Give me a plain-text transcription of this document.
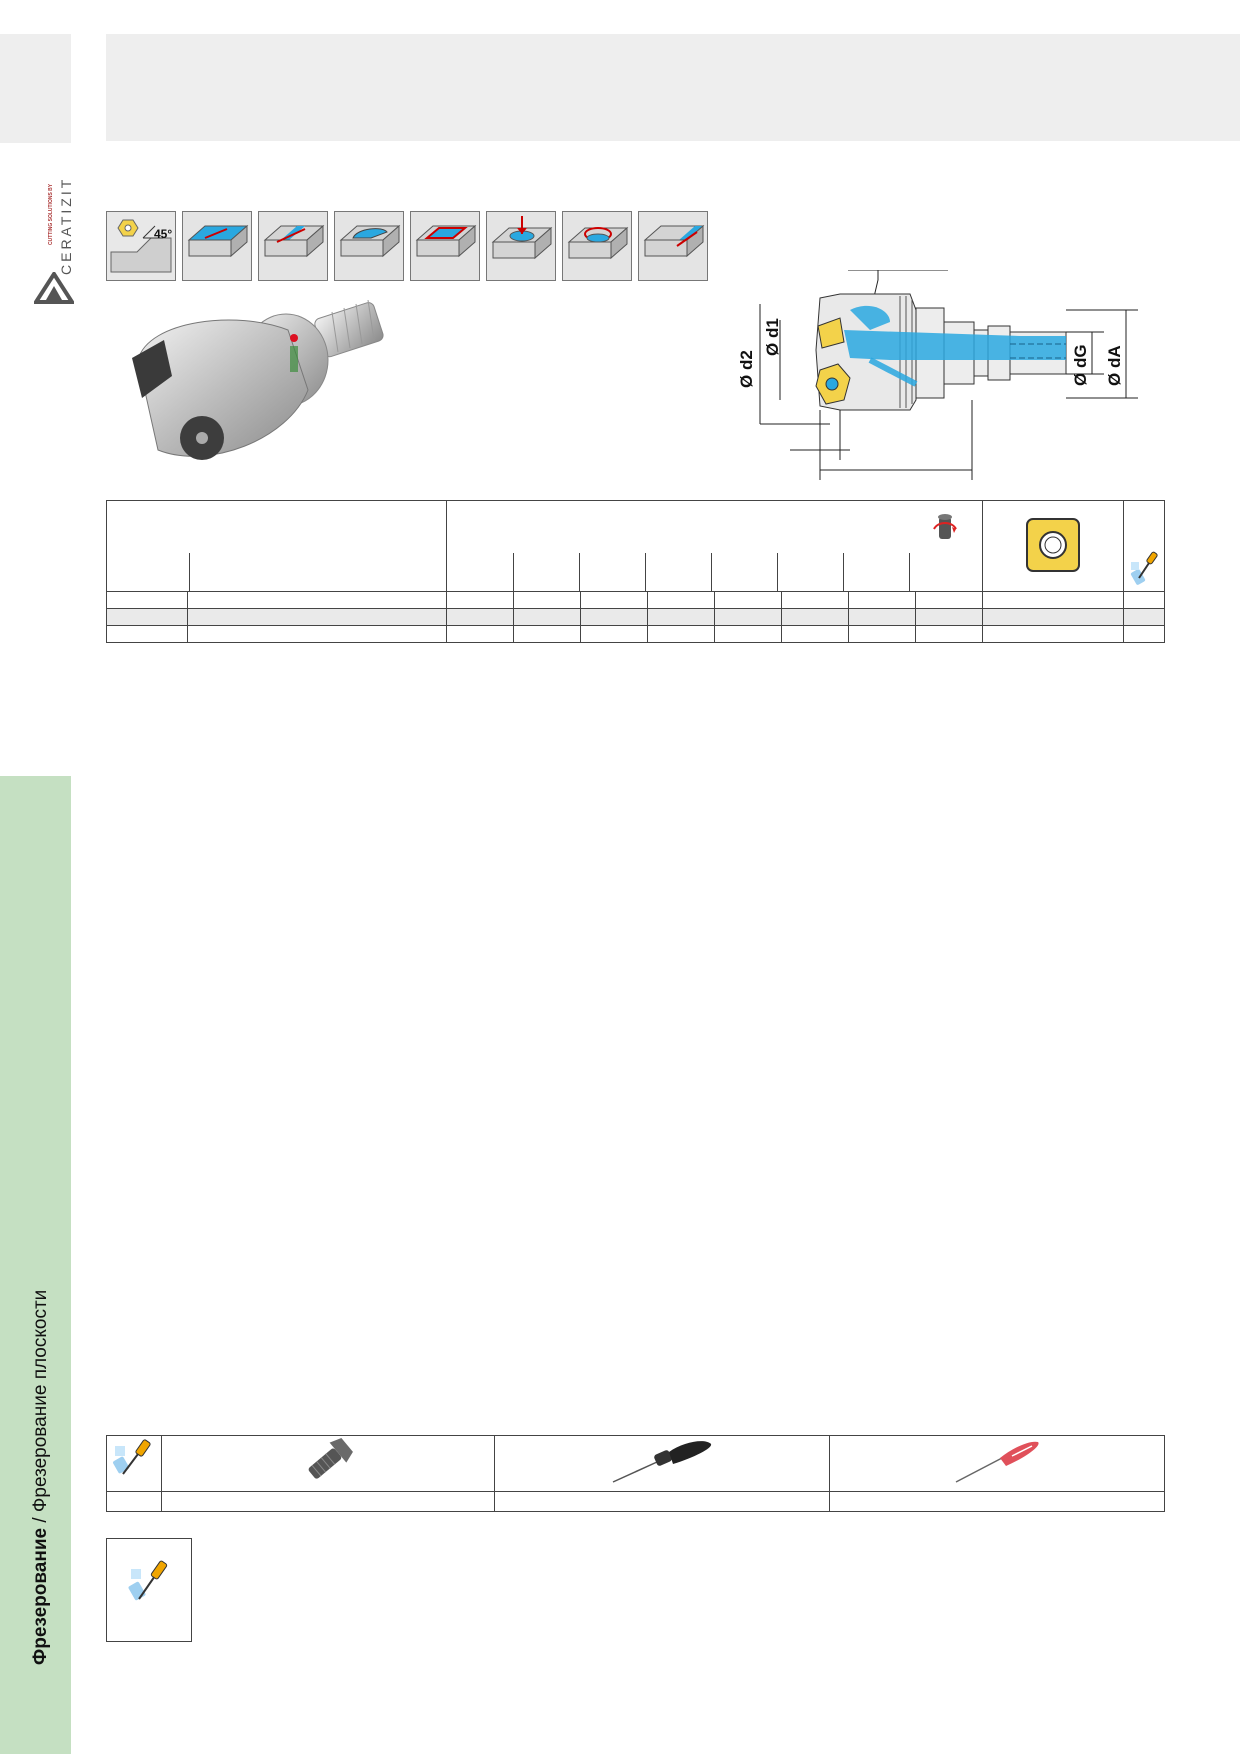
CERATIZIT
CUTTING SOLUTIONS BY
Фрезерование / Фрезерование плоскости
45°
Ø d2
Ø d1
Ø dG Ø dA
